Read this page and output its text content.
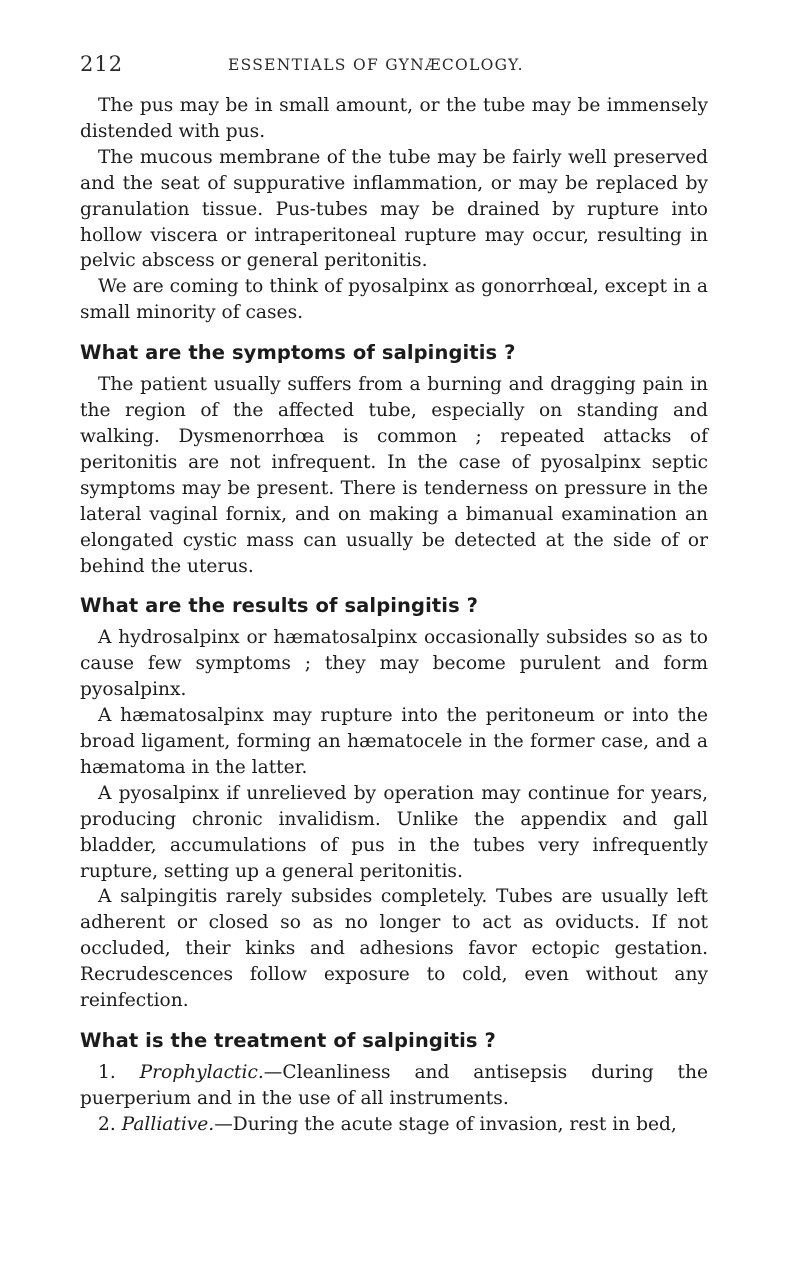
212	ESSENTIALS OF GYNÆCOLOGY.

The pus may be in small amount, or the tube may be immensely distended with pus.

The mucous membrane of the tube may be fairly well preserved and the seat of suppurative inflammation, or may be replaced by granulation tissue. Pus-tubes may be drained by rupture into hollow viscera or intraperitoneal rupture may occur, resulting in pelvic abscess or general peritonitis.

We are coming to think of pyosalpinx as gonorrhœal, except in a small minority of cases.

What are the symptoms of salpingitis ?

The patient usually suffers from a burning and dragging pain in the region of the affected tube, especially on standing and walking. Dysmenorrhœa is common ; repeated attacks of peritonitis are not infrequent. In the case of pyosalpinx septic symptoms may be present. There is tenderness on pressure in the lateral vaginal fornix, and on making a bimanual examination an elongated cystic mass can usually be detected at the side of or behind the uterus.

What are the results of salpingitis ?

A hydrosalpinx or hæmatosalpinx occasionally subsides so as to cause few symptoms ; they may become purulent and form pyosalpinx.

A hæmatosalpinx may rupture into the peritoneum or into the broad ligament, forming an hæmatocele in the former case, and a hæmatoma in the latter.

A pyosalpinx if unrelieved by operation may continue for years, producing chronic invalidism. Unlike the appendix and gall bladder, accumulations of pus in the tubes very infrequently rupture, setting up a general peritonitis.

A salpingitis rarely subsides completely. Tubes are usually left adherent or closed so as no longer to act as oviducts. If not occluded, their kinks and adhesions favor ectopic gestation. Recrudescences follow exposure to cold, even without any reinfection.

What is the treatment of salpingitis ?

1. Prophylactic.—Cleanliness and antisepsis during the puerperium and in the use of all instruments.

2. Palliative.—During the acute stage of invasion, rest in bed,
